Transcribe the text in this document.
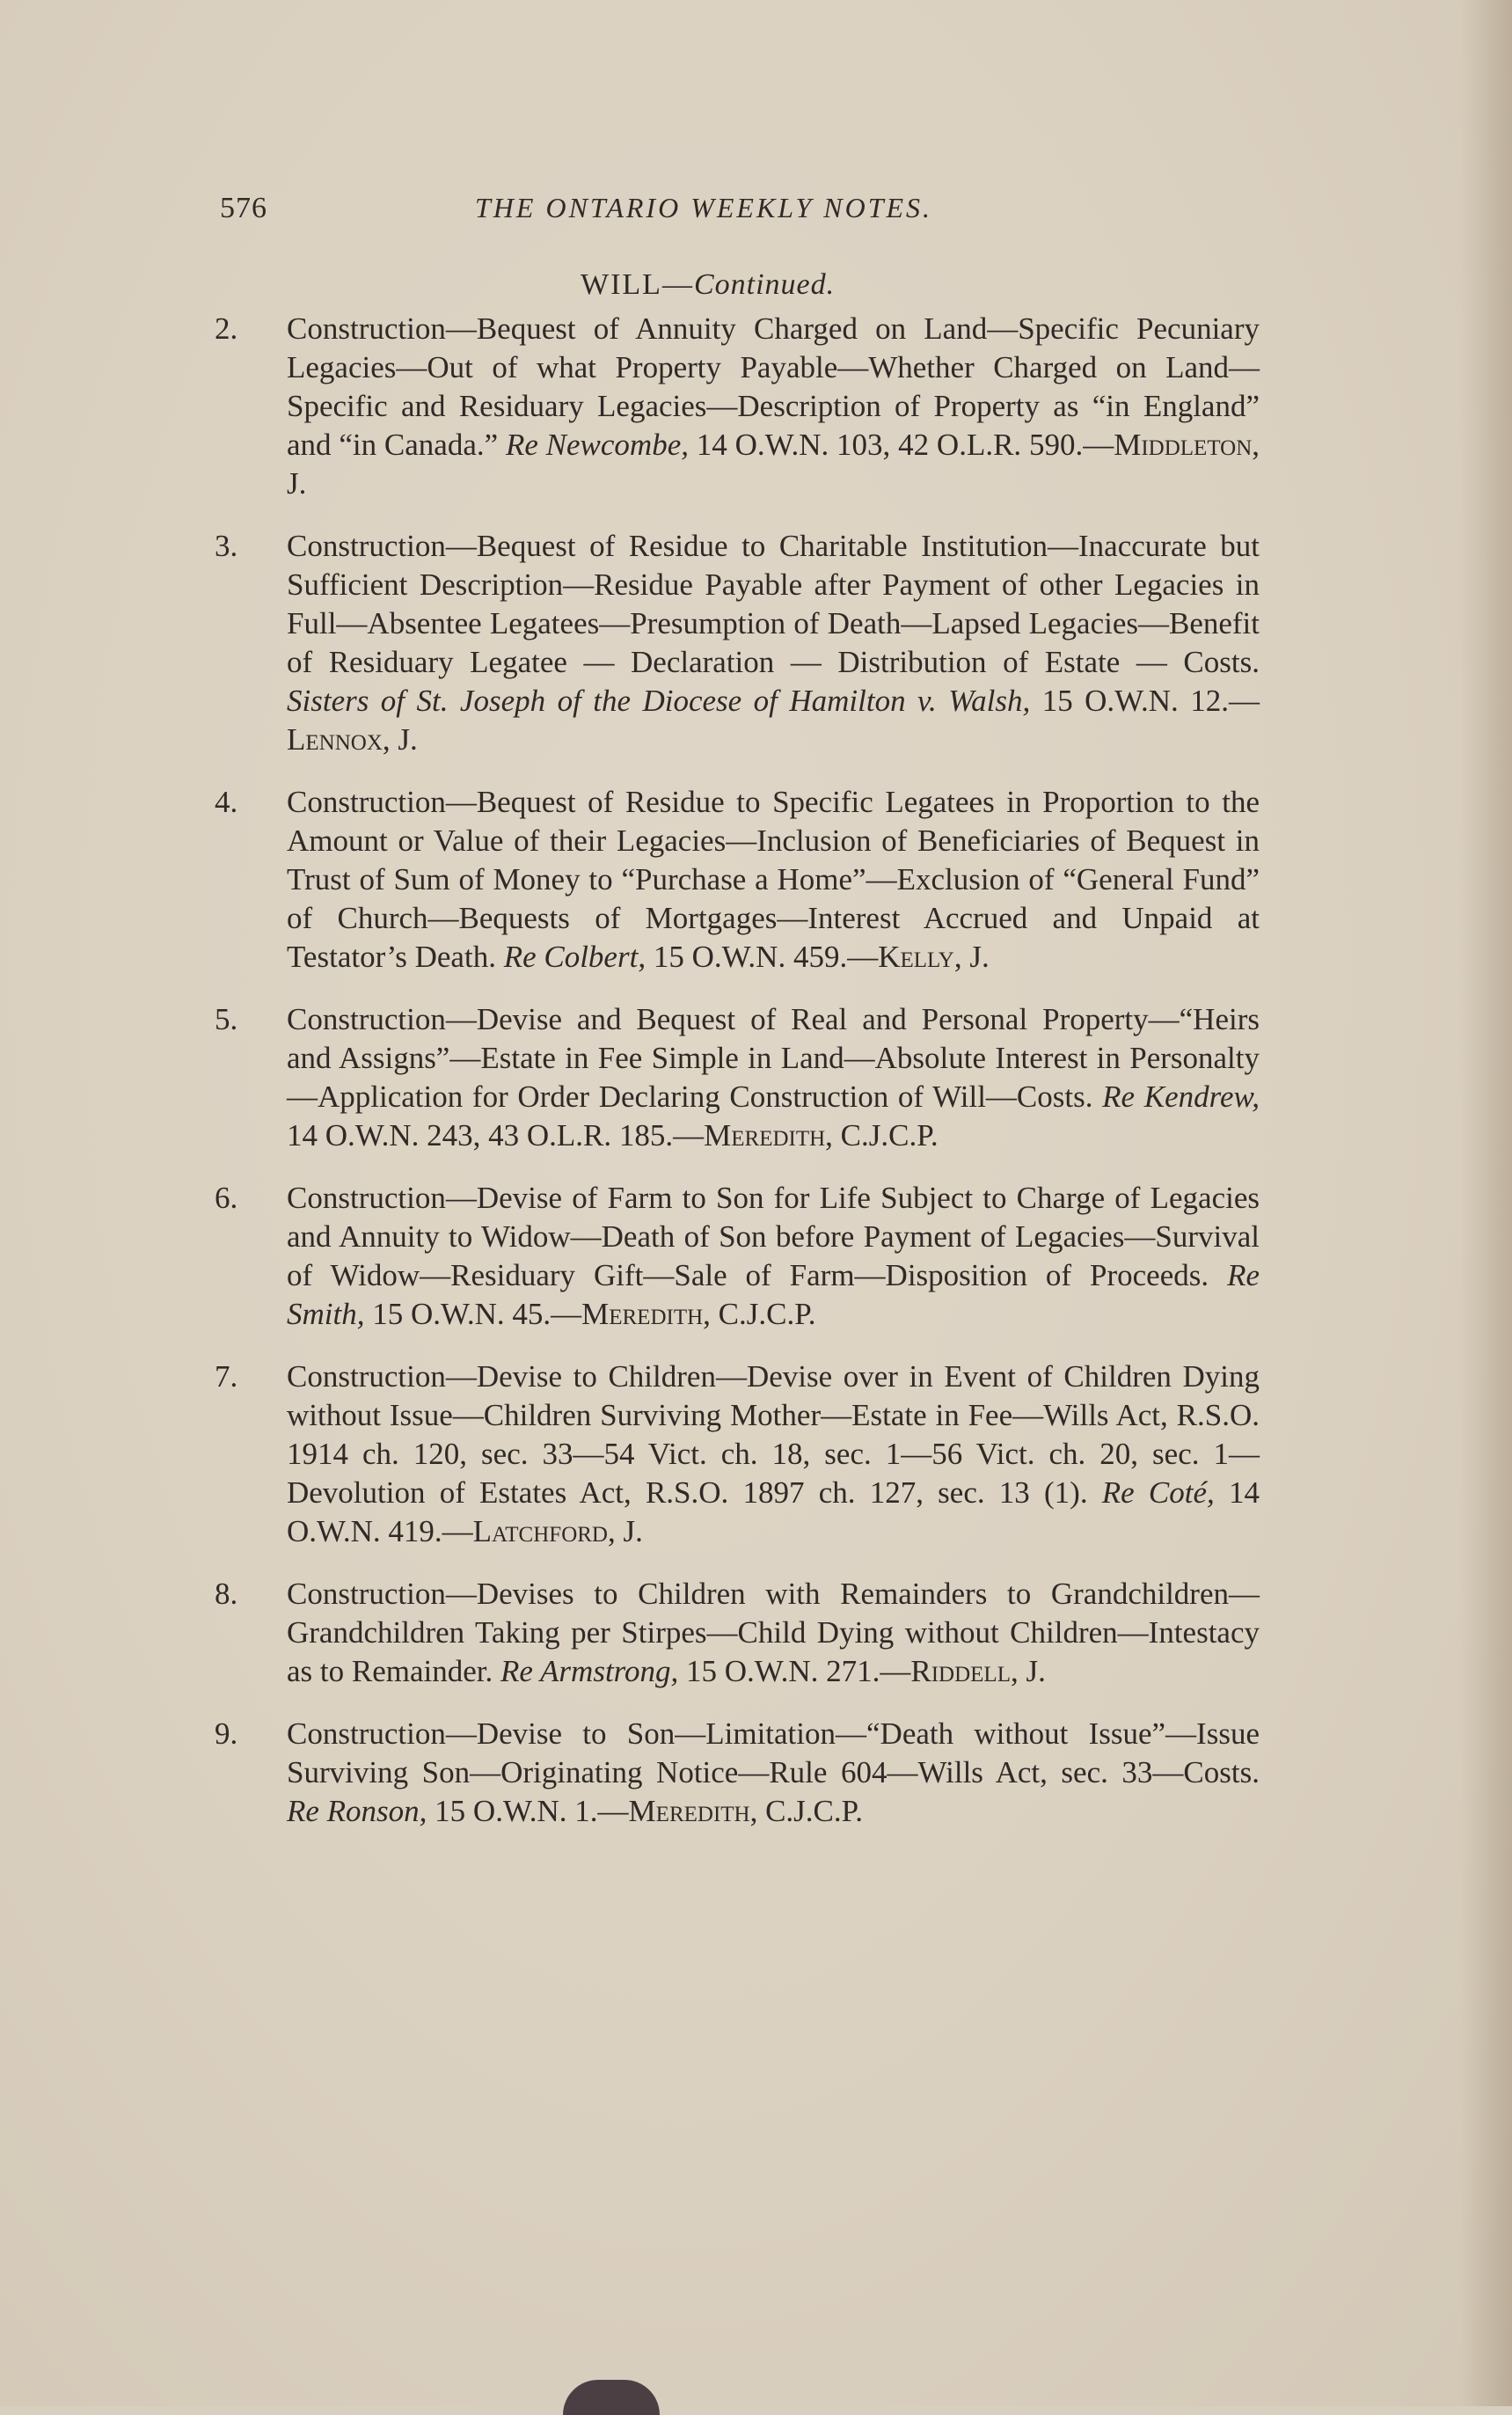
576	THE ONTARIO WEEKLY NOTES.
WILL—Continued.
2. Construction—Bequest of Annuity Charged on Land—Specific Pecuniary Legacies—Out of what Property Payable—Whether Charged on Land—Specific and Residuary Legacies—Description of Property as “in England” and “in Canada.” Re Newcombe, 14 O.W.N. 103, 42 O.L.R. 590.—Middleton, J.
3. Construction—Bequest of Residue to Charitable Institution—Inaccurate but Sufficient Description—Residue Payable after Payment of other Legacies in Full—Absentee Legatees—Presumption of Death—Lapsed Legacies—Benefit of Residuary Legatee — Declaration — Distribution of Estate — Costs. Sisters of St. Joseph of the Diocese of Hamilton v. Walsh, 15 O.W.N. 12.—Lennox, J.
4. Construction—Bequest of Residue to Specific Legatees in Proportion to the Amount or Value of their Legacies—Inclusion of Beneficiaries of Bequest in Trust of Sum of Money to “Purchase a Home”—Exclusion of “General Fund” of Church—Bequests of Mortgages—Interest Accrued and Unpaid at Testator’s Death. Re Colbert, 15 O.W.N. 459.—Kelly, J.
5. Construction—Devise and Bequest of Real and Personal Property—“Heirs and Assigns”—Estate in Fee Simple in Land—Absolute Interest in Personalty—Application for Order Declaring Construction of Will—Costs. Re Kendrew, 14 O.W.N. 243, 43 O.L.R. 185.—Meredith, C.J.C.P.
6. Construction—Devise of Farm to Son for Life Subject to Charge of Legacies and Annuity to Widow—Death of Son before Payment of Legacies—Survival of Widow—Residuary Gift—Sale of Farm—Disposition of Proceeds. Re Smith, 15 O.W.N. 45.—Meredith, C.J.C.P.
7. Construction—Devise to Children—Devise over in Event of Children Dying without Issue—Children Surviving Mother—Estate in Fee—Wills Act, R.S.O. 1914 ch. 120, sec. 33—54 Vict. ch. 18, sec. 1—56 Vict. ch. 20, sec. 1—Devolution of Estates Act, R.S.O. 1897 ch. 127, sec. 13 (1). Re Coté, 14 O.W.N. 419.—Latchford, J.
8. Construction—Devises to Children with Remainders to Grandchildren—Grandchildren Taking per Stirpes—Child Dying without Children—Intestacy as to Remainder. Re Armstrong, 15 O.W.N. 271.—Riddell, J.
9. Construction—Devise to Son—Limitation—“Death without Issue”—Issue Surviving Son—Originating Notice—Rule 604—Wills Act, sec. 33—Costs. Re Ronson, 15 O.W.N. 1.—Meredith, C.J.C.P.
